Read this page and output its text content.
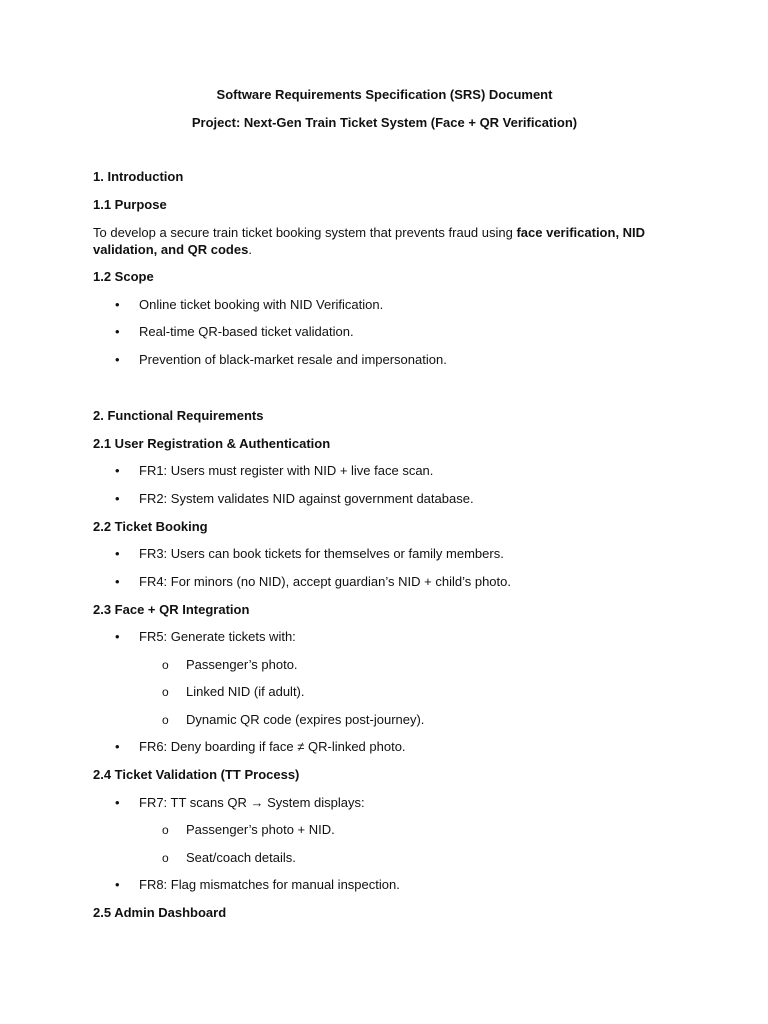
Software Requirements Specification (SRS) Document

Project: Next-Gen Train Ticket System (Face + QR Verification)

1. Introduction

1.1 Purpose

To develop a secure train ticket booking system that prevents fraud using face verification, NID validation, and QR codes.

1.2 Scope

• Online ticket booking with NID Verification.
• Real-time QR-based ticket validation.
• Prevention of black-market resale and impersonation.

2. Functional Requirements

2.1 User Registration & Authentication

• FR1: Users must register with NID + live face scan.
• FR2: System validates NID against government database.

2.2 Ticket Booking

• FR3: Users can book tickets for themselves or family members.
• FR4: For minors (no NID), accept guardian’s NID + child’s photo.

2.3 Face + QR Integration

• FR5: Generate tickets with:
o Passenger’s photo.
o Linked NID (if adult).
o Dynamic QR code (expires post-journey).
• FR6: Deny boarding if face ≠ QR-linked photo.

2.4 Ticket Validation (TT Process)

• FR7: TT scans QR → System displays:
o Passenger’s photo + NID.
o Seat/coach details.
• FR8: Flag mismatches for manual inspection.

2.5 Admin Dashboard
